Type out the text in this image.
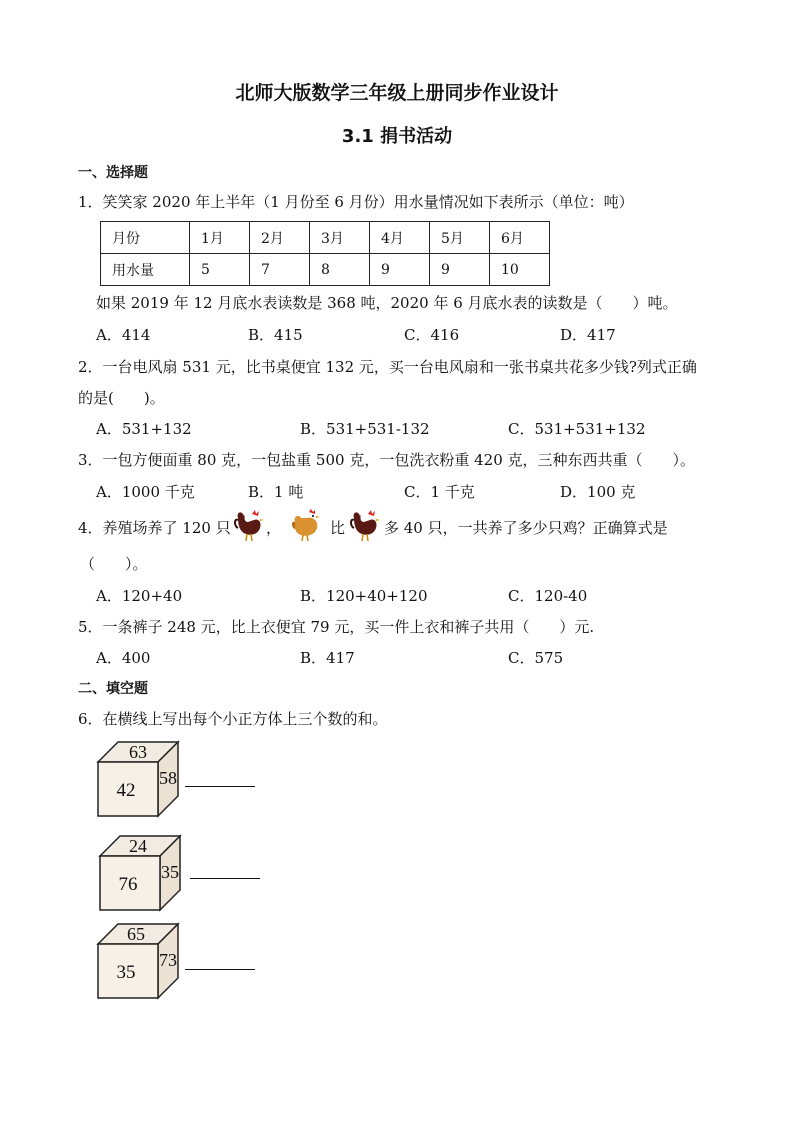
北师大版数学三年级上册同步作业设计
3.1 捐书活动
一、选择题
1．笑笑家 2020 年上半年（1 月份至 6 月份）用水量情况如下表所示（单位：吨）
月份	1月	2月	3月	4月	5月	6月
用水量	5	7	8	9	9	10
如果 2019 年 12 月底水表读数是 368 吨，2020 年 6 月底水表的读数是（　　）吨。
A．414	B．415	C．416	D．417
2．一台电风扇 531 元，比书桌便宜 132 元，买一台电风扇和一张书桌共花多少钱?列式正确
的是(　　)。
A．531+132	B．531+531-132	C．531+531+132
3．一包方便面重 80 克，一包盐重 500 克，一包洗衣粉重 420 克，三种东西共重（　　）。
A．1000 千克	B．1 吨	C．1 千克	D．100 克
4．养殖场养了 120 只 ，	比	多 40 只，一共养了多少只鸡？正确算式是
（　　）。
A．120+40	B．120+40+120	C．120-40
5．一条裤子 248 元，比上衣便宜 79 元，买一件上衣和裤子共用（　　）元.
A．400	B．417	C．575
二、填空题
6．在横线上写出每个小正方体上三个数的和。
63
42
58
24
76
35
65
35
73
